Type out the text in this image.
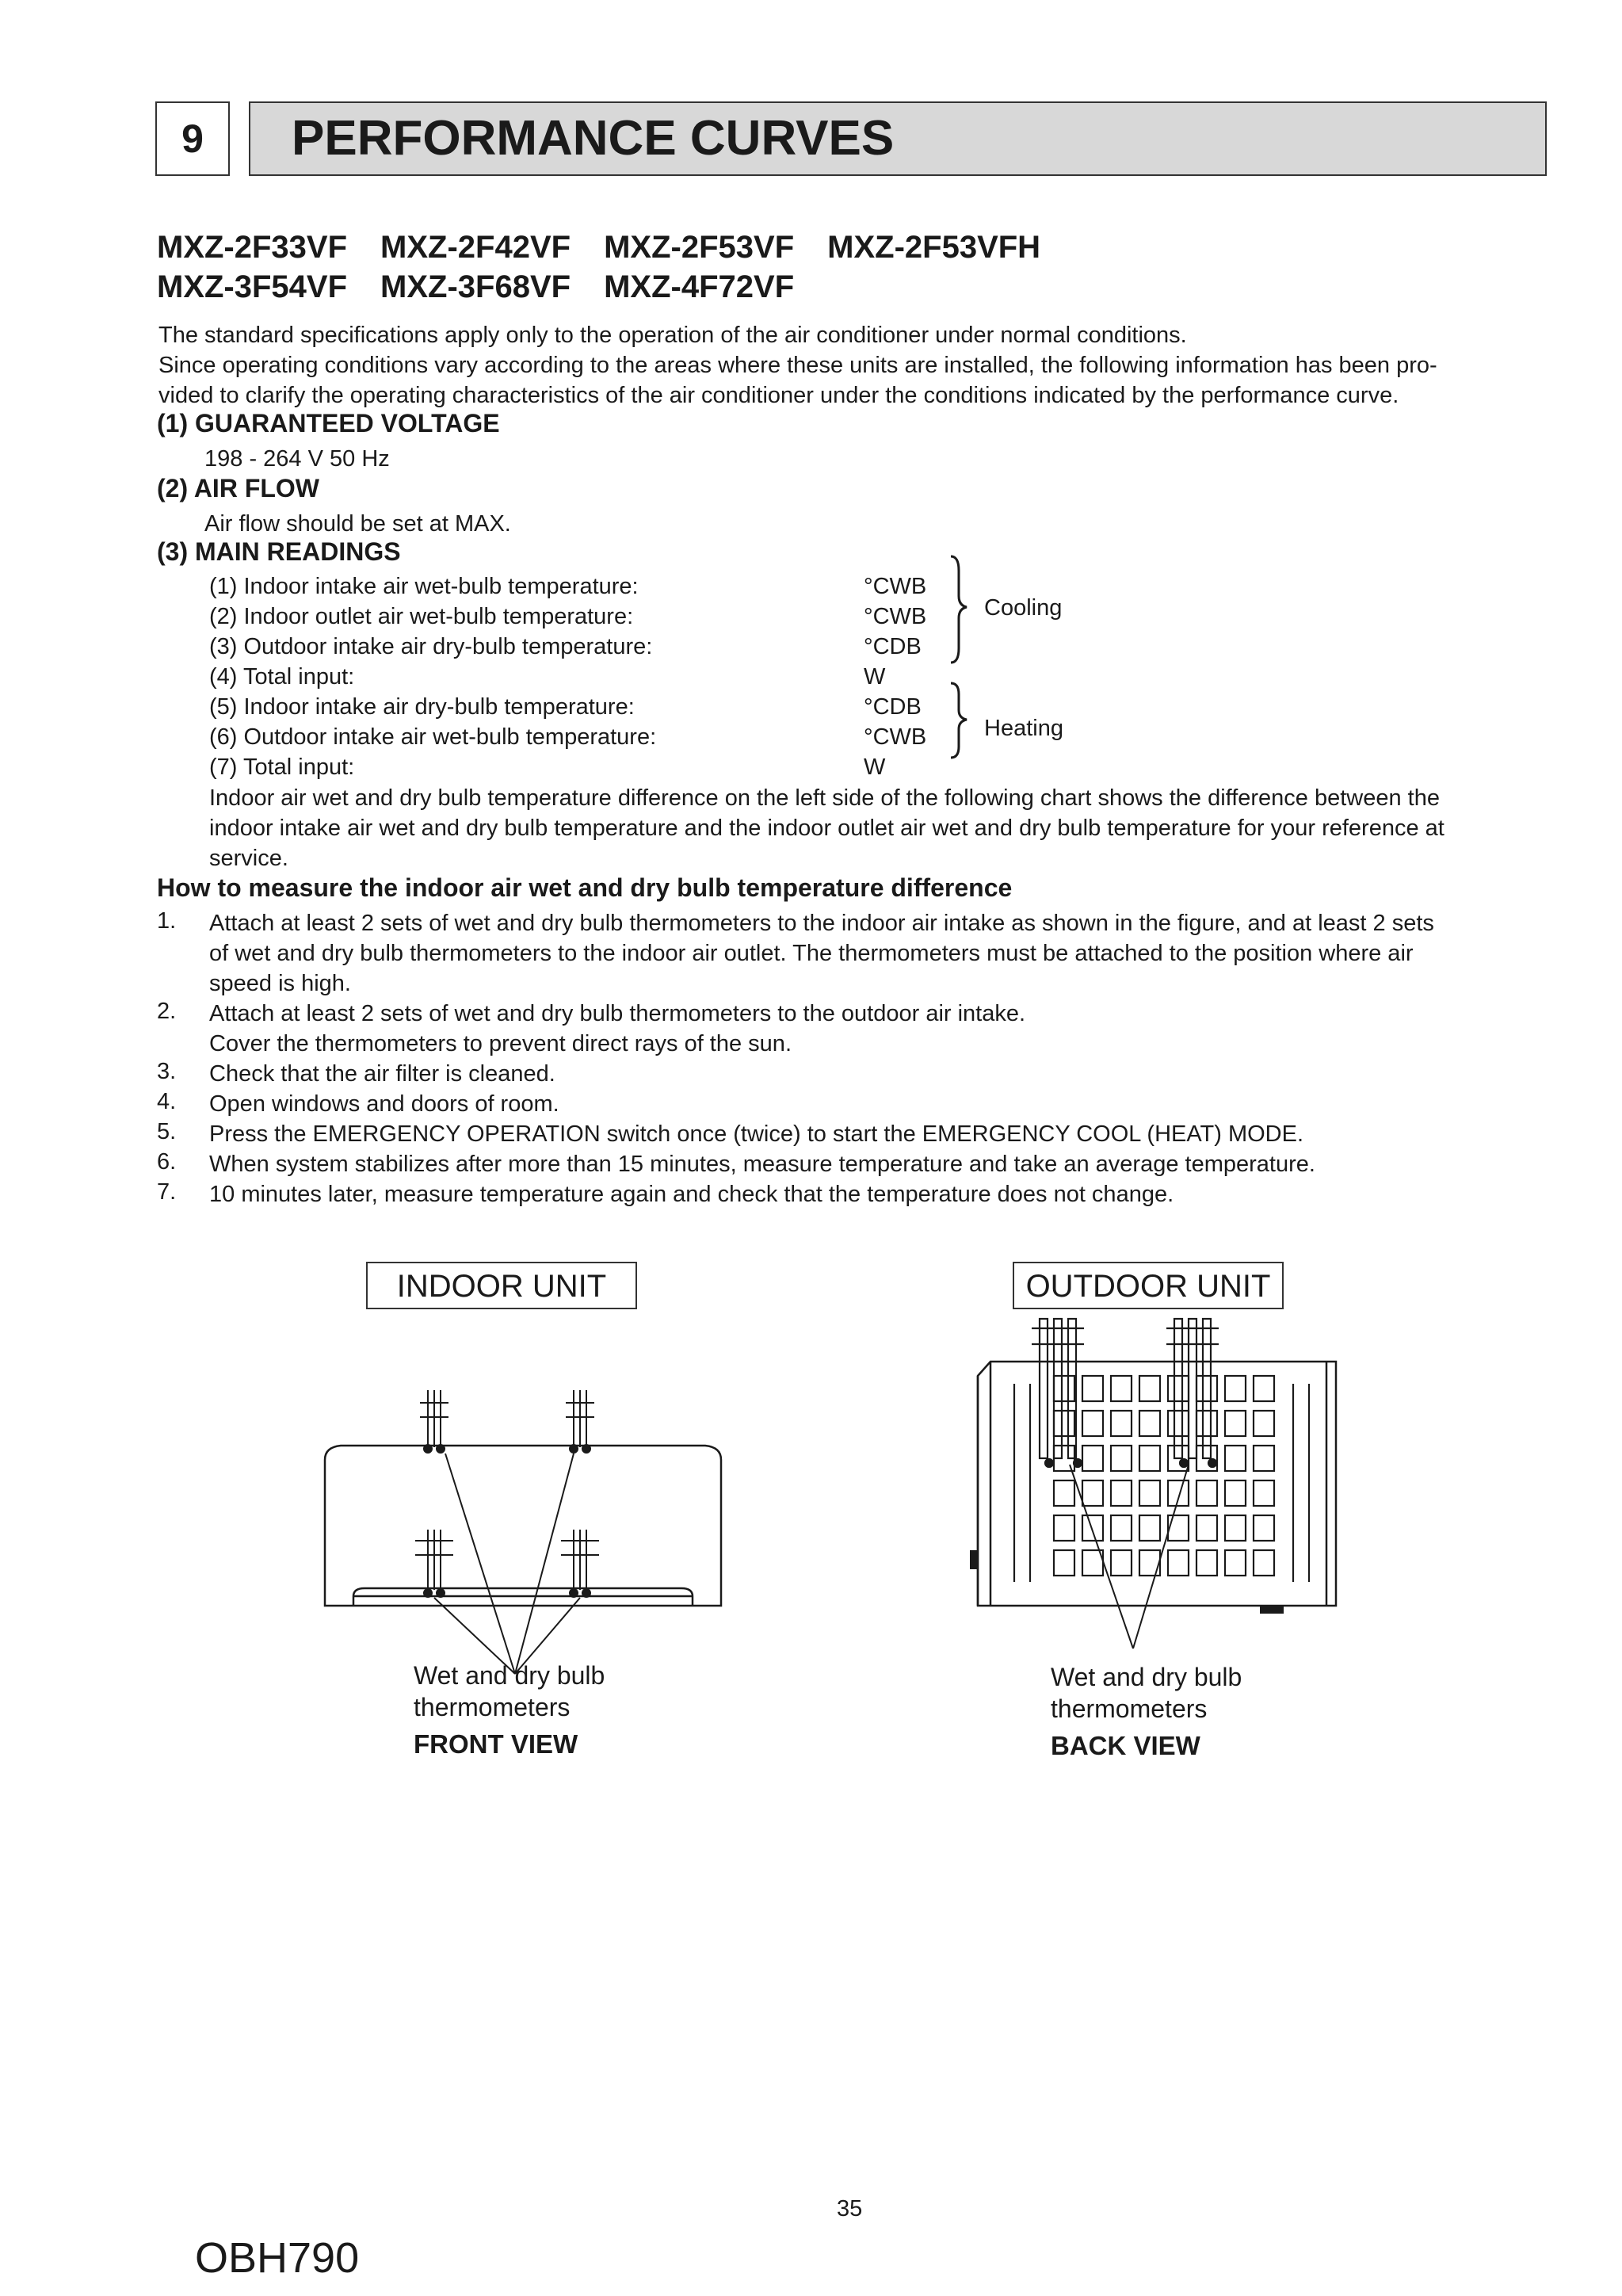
9	PERFORMANCE CURVES
MXZ-2F33VF MXZ-2F42VF MXZ-2F53VF MXZ-2F53VFH
MXZ-3F54VF MXZ-3F68VF MXZ-4F72VF
The standard specifications apply only to the operation of the air conditioner under normal conditions.
Since operating conditions vary according to the areas where these units are installed, the following information has been pro-
vided to clarify the operating characteristics of the air conditioner under the conditions indicated by the performance curve.
(1) GUARANTEED VOLTAGE
198 - 264 V 50 Hz
(2) AIR FLOW
Air flow should be set at MAX.
(3) MAIN READINGS
(1) Indoor intake air wet-bulb temperature:	°CWB
(2) Indoor outlet air wet-bulb temperature:	°CWB
(3) Outdoor intake air dry-bulb temperature:	°CDB
(4) Total input:	W
(5) Indoor intake air dry-bulb temperature:	°CDB
(6) Outdoor intake air wet-bulb temperature:	°CWB
(7) Total input:	W
Cooling
Heating
Indoor air wet and dry bulb temperature difference on the left side of the following chart shows the difference between the
indoor intake air wet and dry bulb temperature and the indoor outlet air wet and dry bulb temperature for your reference at
service.
How to measure the indoor air wet and dry bulb temperature difference
1. Attach at least 2 sets of wet and dry bulb thermometers to the indoor air intake as shown in the figure, and at least 2 sets
of wet and dry bulb thermometers to the indoor air outlet. The thermometers must be attached to the position where air
speed is high.
2. Attach at least 2 sets of wet and dry bulb thermometers to the outdoor air intake.
Cover the thermometers to prevent direct rays of the sun.
3. Check that the air filter is cleaned.
4. Open windows and doors of room.
5. Press the EMERGENCY OPERATION switch once (twice) to start the EMERGENCY COOL (HEAT) MODE.
6. When system stabilizes after more than 15 minutes, measure temperature and take an average temperature.
7. 10 minutes later, measure temperature again and check that the temperature does not change.
INDOOR UNIT	OUTDOOR UNIT
Wet and dry bulb
thermometers
FRONT VIEW
Wet and dry bulb
thermometers
BACK VIEW
35
OBH790
